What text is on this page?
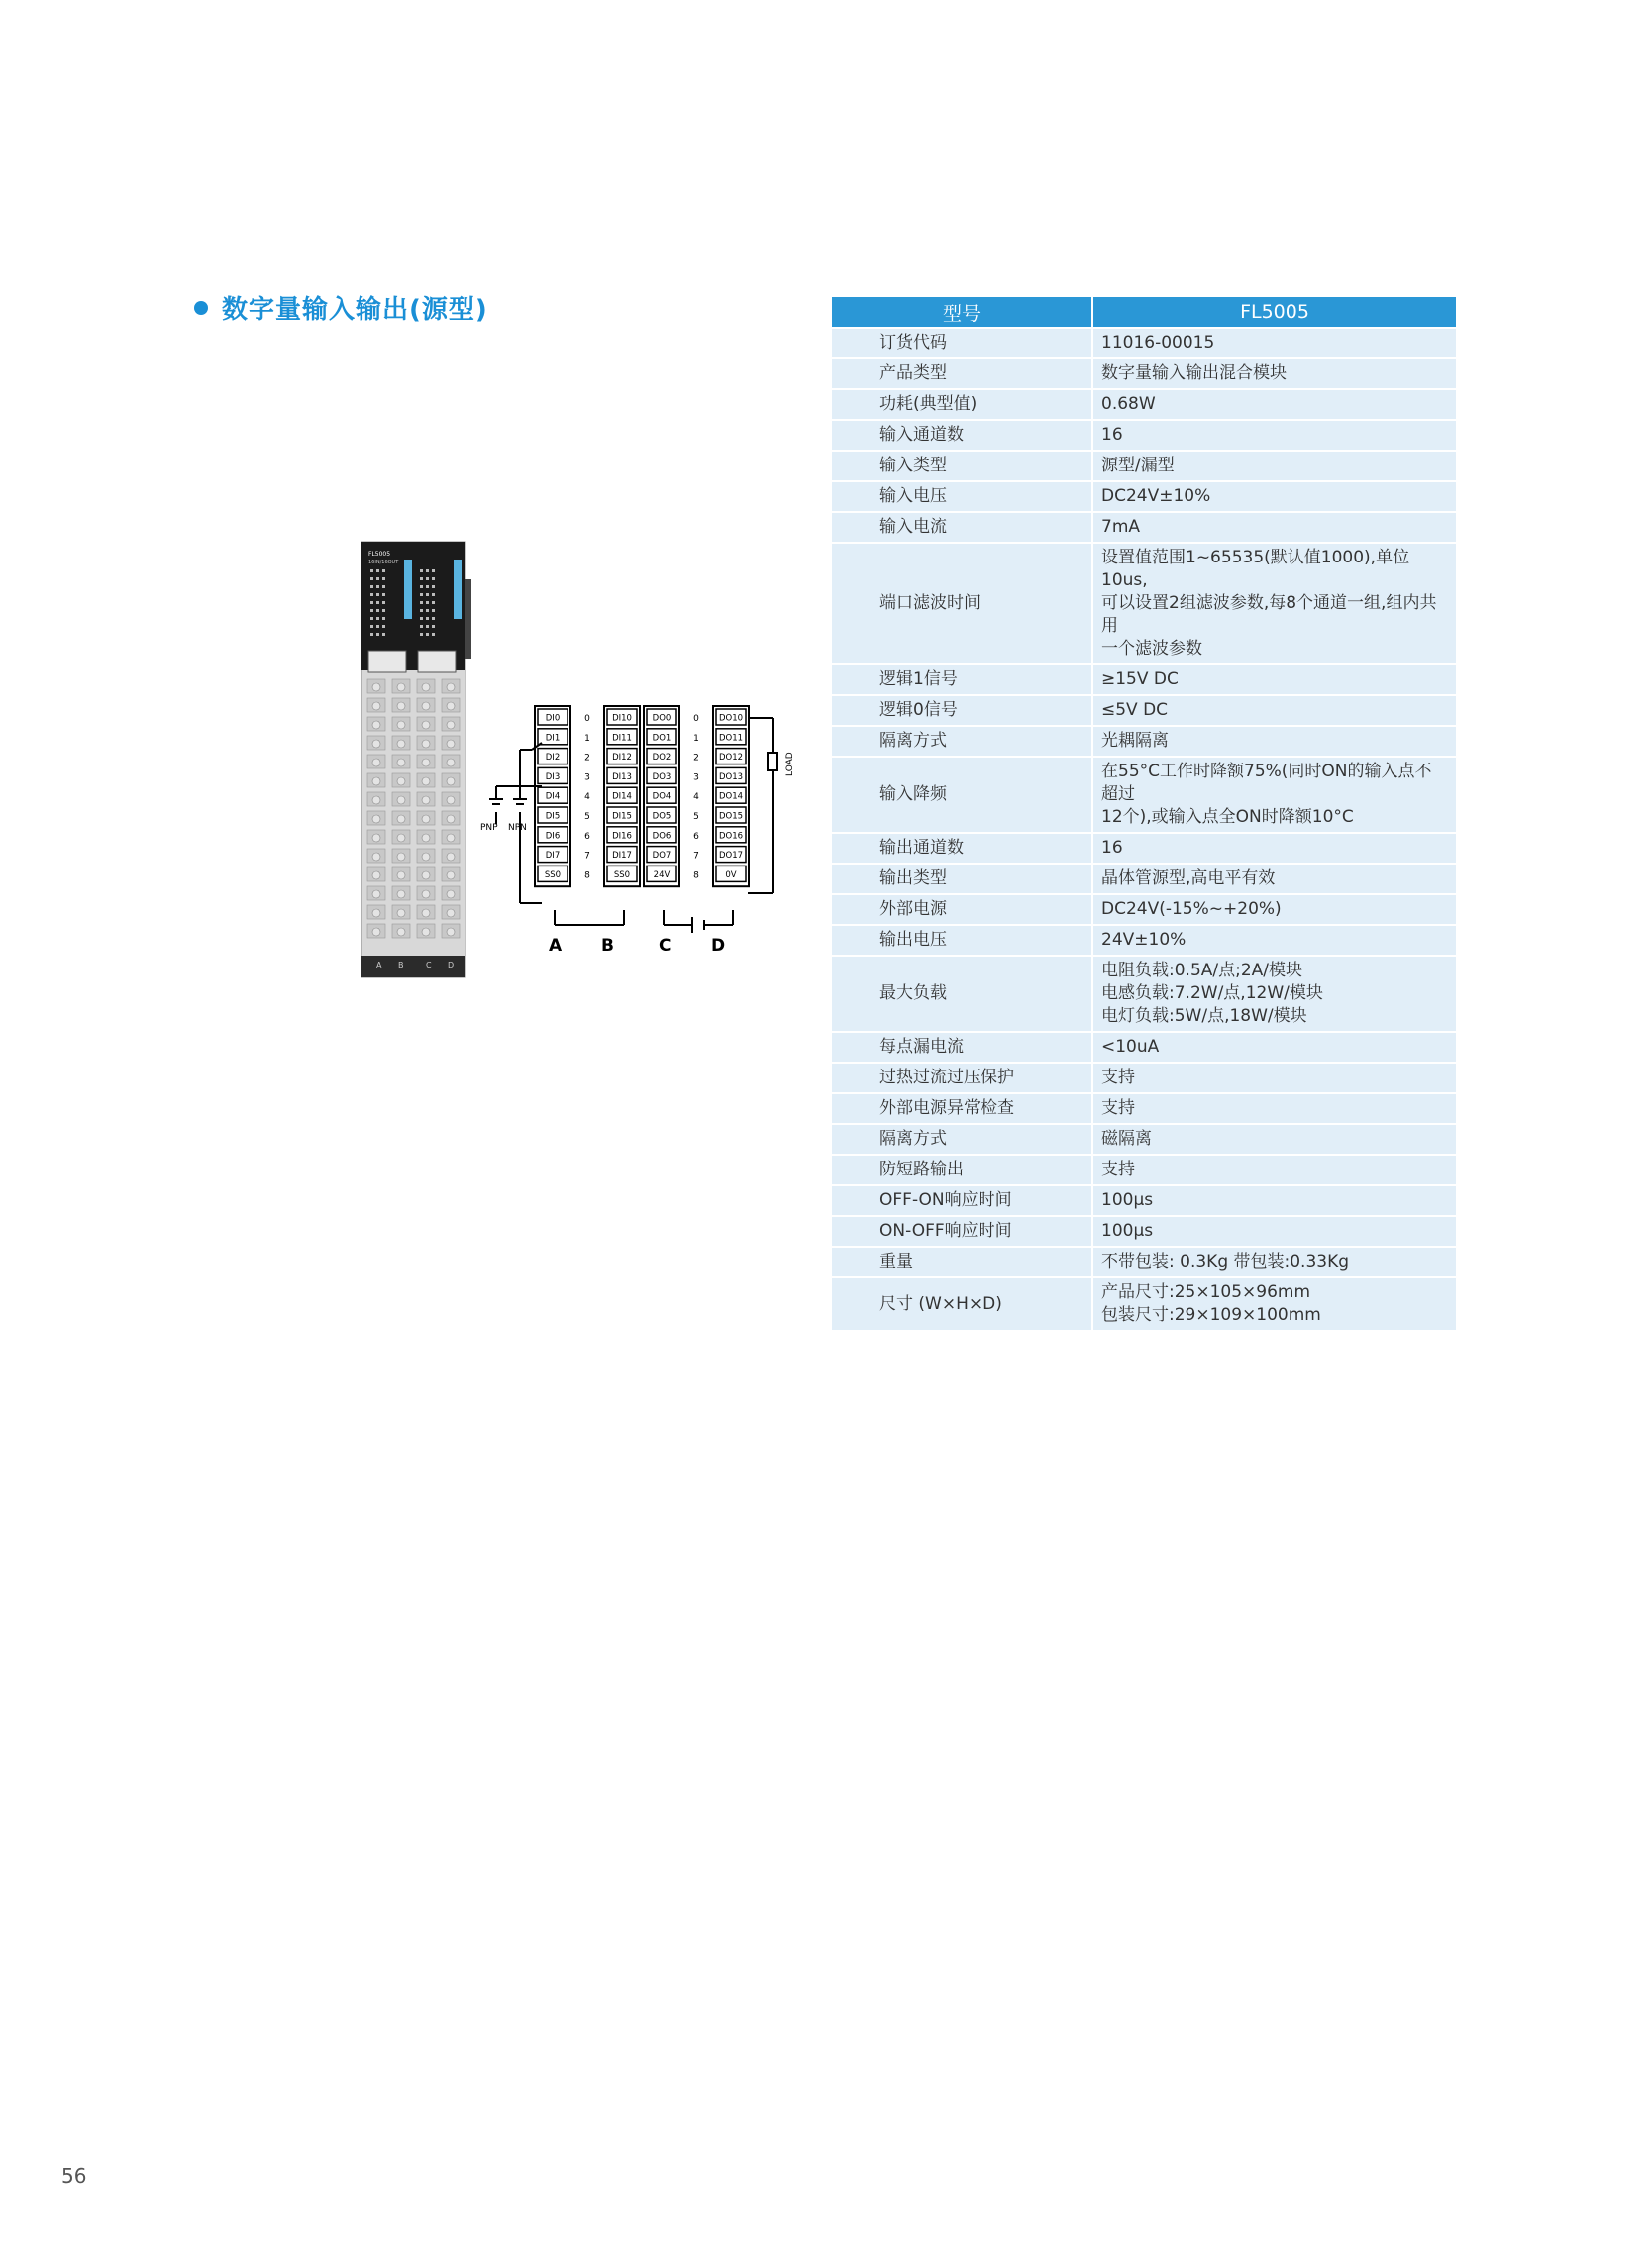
数字量输入输出(源型)
FL5005
16IN/16OUT
A B	C D
DI0
DI1
DI2
DI3
DI4
DI5
DI6
DI7
SS0
DI10
DI11
DI12
DI13
DI14
DI15
DI16
DI17
SS0
DO0
DO1
DO2
DO3
DO4
DO5
DO6
DO7
24V
DO10
DO11
DO12
DO13
DO14
DO15
DO16
DO17
0V
0
1
2
3
4
5
6
7
8
0
1
2
3
4
5
6
7
8
PNP NPN
LOAD
A B	C D
型号	FL5005
订货代码	11016-00015

产品类型	数字量输入输出混合模块

功耗(典型值)	0.68W

输入通道数	16

输入类型	源型/漏型

输入电压	DC24V±10%

输入电流	7mA

端口滤波时间	设置值范围1~65535(默认值1000),单位10us,
可以设置2组滤波参数,每8个通道一组,组内共用
一个滤波参数

逻辑1信号	≥15V DC

逻辑0信号	≤5V DC

隔离方式	光耦隔离

输入降频	在55°C工作时降额75%(同时ON的输入点不超过
12个),或输入点全ON时降额10°C

输出通道数	16

输出类型	晶体管源型,高电平有效

外部电源	DC24V(-15%~+20%)

输出电压	24V±10%

最大负载	电阻负载:0.5A/点;2A/模块
电感负载:7.2W/点,12W/模块
电灯负载:5W/点,18W/模块

每点漏电流	<10uA

过热过流过压保护	支持

外部电源异常检查	支持

隔离方式	磁隔离

防短路输出	支持

OFF-ON响应时间	100μs

ON-OFF响应时间	100μs

重量	不带包装: 0.3Kg 带包装:0.33Kg

尺寸 (W×H×D)	产品尺寸:25×105×96mm
包装尺寸:29×109×100mm
56
